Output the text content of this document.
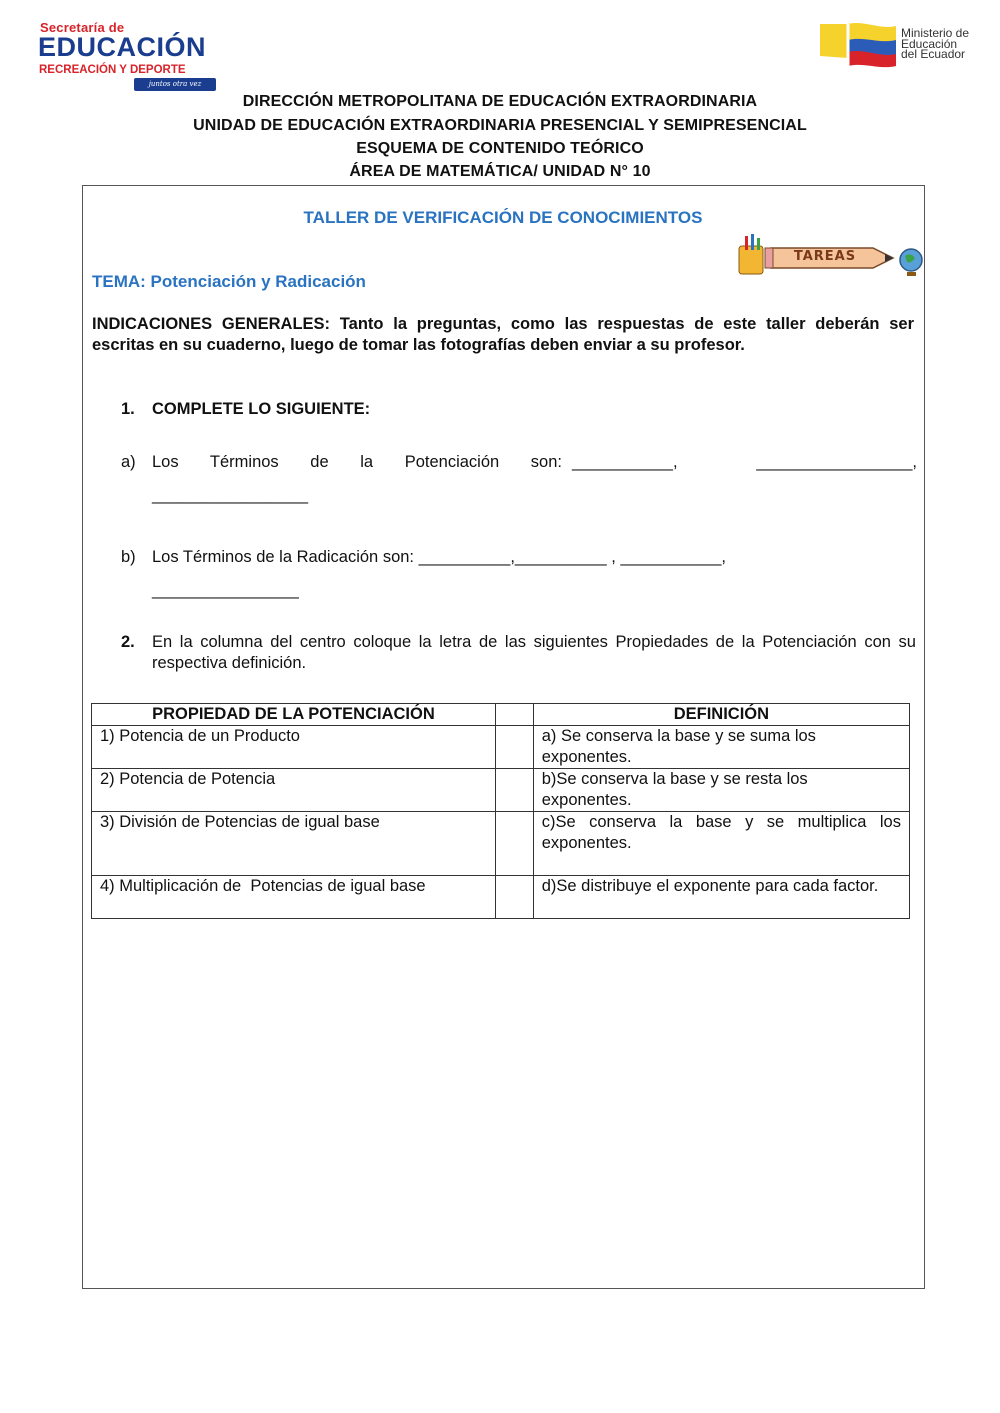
Secretaría de
EDUCACIÓN
RECREACIÓN Y DEPORTE
juntos otra vez
Ministerio de
Educación
del Ecuador
DIRECCIÓN METROPOLITANA DE EDUCACIÓN EXTRAORDINARIA
UNIDAD DE EDUCACIÓN EXTRAORDINARIA PRESENCIAL Y SEMIPRESENCIAL
ESQUEMA DE CONTENIDO TEÓRICO
ÁREA DE MATEMÁTICA/ UNIDAD N° 10
TALLER DE VERIFICACIÓN DE CONOCIMIENTOS
TEMA: Potenciación y Radicación
TAREAS
INDICACIONES GENERALES: Tanto la preguntas, como las respuestas de este taller deberán ser escritas en su cuaderno, luego de tomar las fotografías deben enviar a su profesor.
1. COMPLETE LO SIGUIENTE:
a) Los Términos de la Potenciación son: ___________,    _________________,
_________________
b) Los Términos de la Radicación son: __________,__________ , ___________,
________________
2. En la columna del centro coloque la letra de las siguientes Propiedades de la Potenciación con su respectiva definición.
PROPIEDAD DE LA POTENCIACIÓN		DEFINICIÓN
1) Potencia de un Producto		a) Se conserva la base y se suma los exponentes.
2) Potencia de Potencia		b)Se conserva la base y se resta los exponentes.
3) División de Potencias de igual base		c)Se conserva la base y se multiplica los exponentes.
4) Multiplicación de  Potencias de igual base		d)Se distribuye el exponente para cada factor.
